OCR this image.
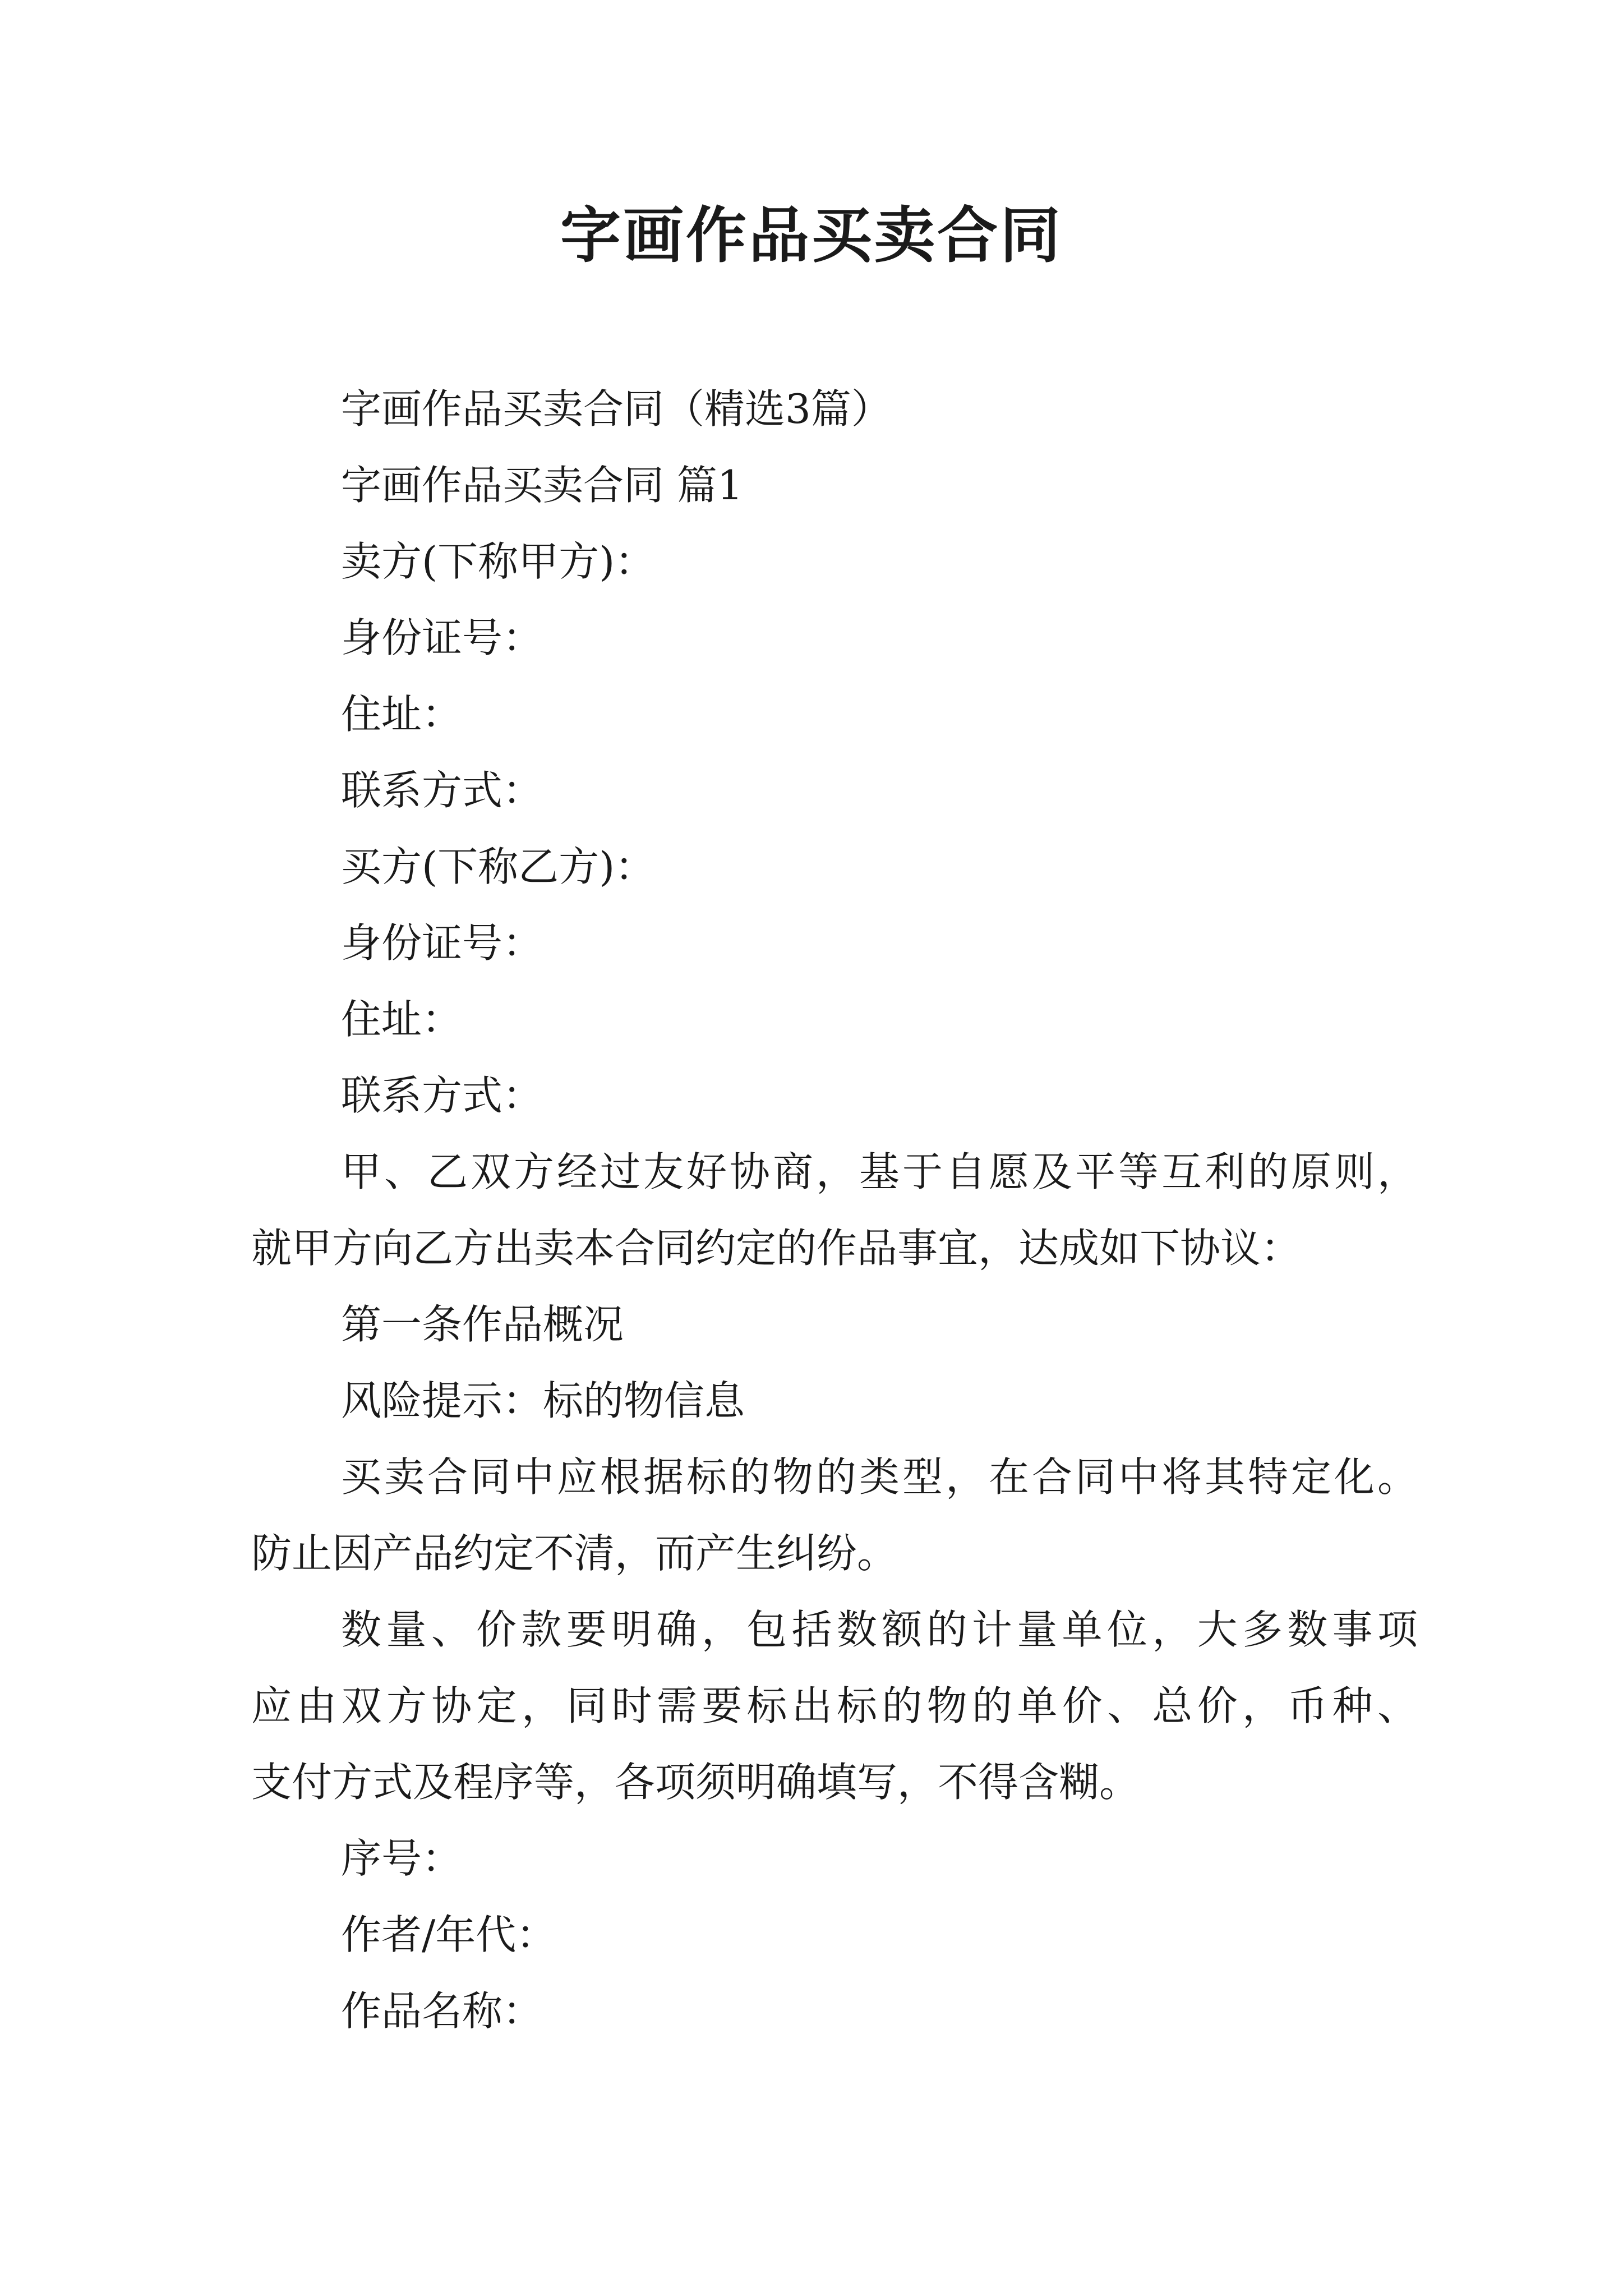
字画作品买卖合同

字画作品买卖合同（精选3篇）

字画作品买卖合同 篇1

卖方(下称甲方)：

身份证号：

住址：

联系方式：

买方(下称乙方)：

身份证号：

住址：

联系方式：

甲、乙双方经过友好协商，基于自愿及平等互利的原则，

就甲方向乙方出卖本合同约定的作品事宜，达成如下协议：

第一条作品概况

风险提示：标的物信息

买卖合同中应根据标的物的类型，在合同中将其特定化。

防止因产品约定不清，而产生纠纷。

数量、价款要明确，包括数额的计量单位，大多数事项

应由双方协定，同时需要标出标的物的单价、总价，币种、

支付方式及程序等，各项须明确填写，不得含糊。

序号：

作者/年代：

作品名称：
